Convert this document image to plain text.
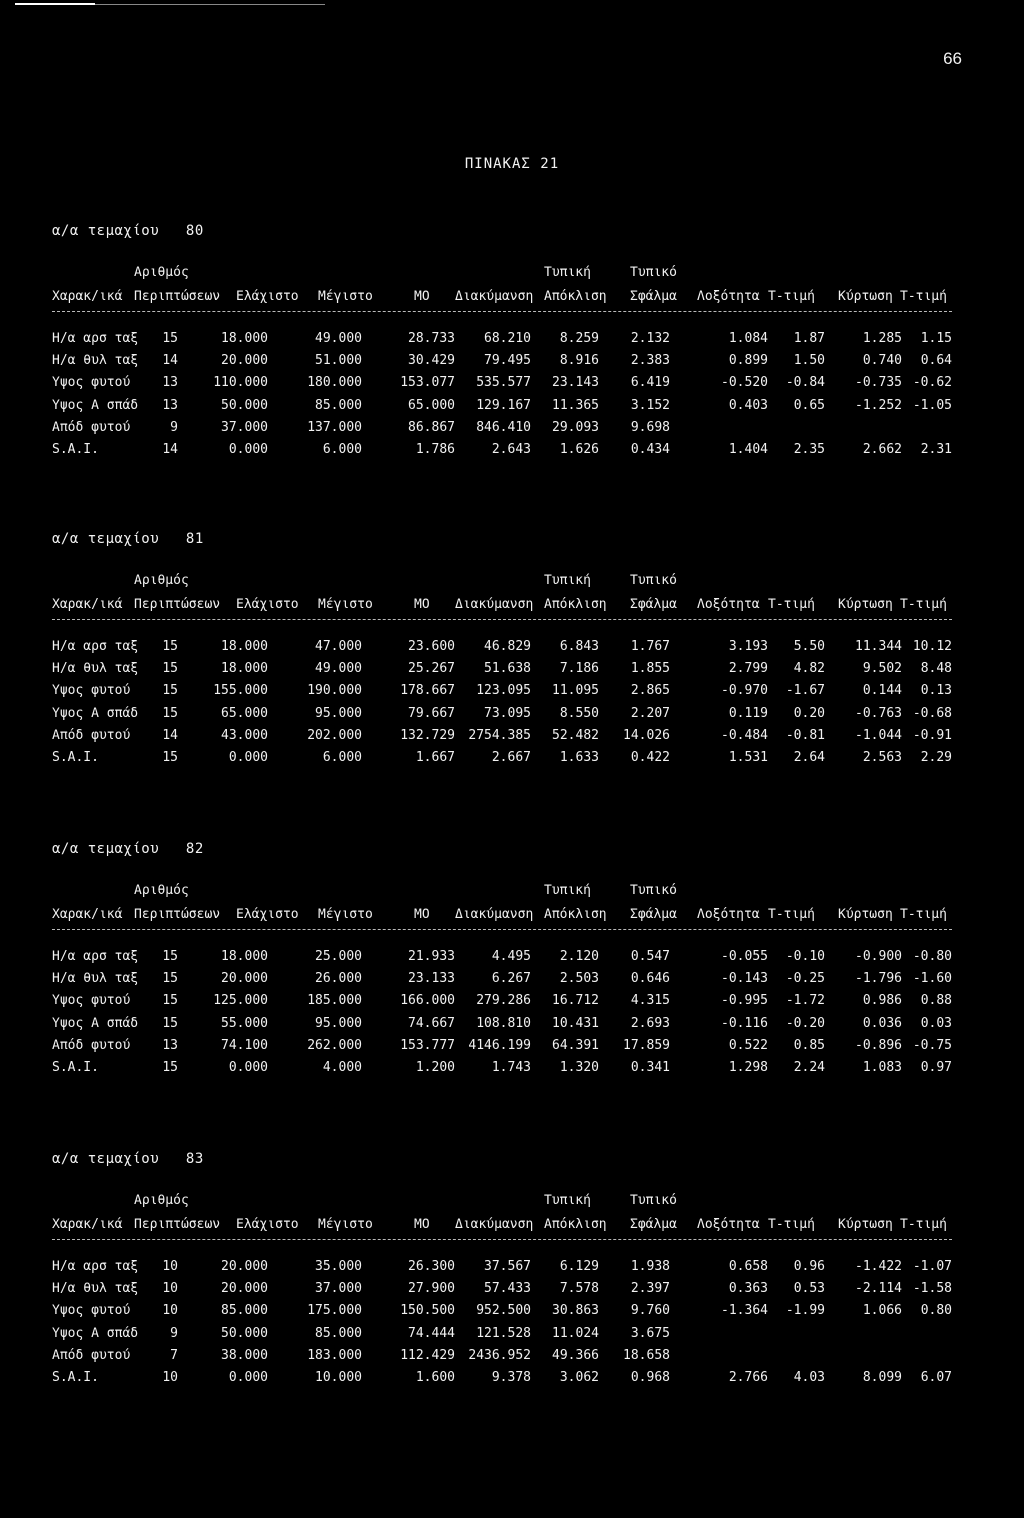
66
ΠΙΝΑΚΑΣ 21
α/α τεμαχίου   80
Αριθμός	Τυπική	Τυπικό
Χαρακ/ικά Περιπτώσεων Ελάχιστο Μέγιστο	ΜΟ Διακύμανση Απόκλιση Σφάλμα Λοξότητα Τ-τιμή Κύρτωση Τ-τιμή
Η/α αρσ ταξ 15	18.000	49.000	28.733 68.210 8.259 2.132	1.084 1.87	1.285 1.15
Η/α θυλ ταξ 14	20.000	51.000	30.429 79.495 8.916 2.383	0.899 1.50	0.740 0.64
Υψος φυτού 13	110.000	180.000	153.077 535.577 23.143 6.419	-0.520 -0.84 -0.735 -0.62
Υψος Α σπάδ 13	50.000	85.000	65.000 129.167 11.365 3.152	0.403 0.65 -1.252 -1.05
Απόδ φυτού	9	37.000	137.000	86.867 846.410 29.093 9.698
S.A.I.	14	0.000	6.000	1.786	2.643 1.626 0.434	1.404 2.35	2.662 2.31
α/α τεμαχίου   81
Αριθμός	Τυπική	Τυπικό
Χαρακ/ικά Περιπτώσεων Ελάχιστο Μέγιστο	ΜΟ Διακύμανση Απόκλιση Σφάλμα Λοξότητα Τ-τιμή Κύρτωση Τ-τιμή
Η/α αρσ ταξ 15	18.000	47.000	23.600 46.829 6.843 1.767	3.193 5.50 11.344 10.12
Η/α θυλ ταξ 15	18.000	49.000	25.267 51.638 7.186 1.855	2.799 4.82	9.502 8.48
Υψος φυτού 15	155.000	190.000	178.667 123.095 11.095 2.865	-0.970 -1.67	0.144 0.13
Υψος Α σπάδ 15	65.000	95.000	79.667 73.095 8.550 2.207	0.119 0.20 -0.763 -0.68
Απόδ φυτού 14	43.000	202.000	132.729 2754.385 52.482 14.026	-0.484 -0.81 -1.044 -0.91
S.A.I.	15	0.000	6.000	1.667	2.667 1.633 0.422	1.531 2.64	2.563 2.29
α/α τεμαχίου   82
Αριθμός	Τυπική	Τυπικό
Χαρακ/ικά Περιπτώσεων Ελάχιστο Μέγιστο	ΜΟ Διακύμανση Απόκλιση Σφάλμα Λοξότητα Τ-τιμή Κύρτωση Τ-τιμή
Η/α αρσ ταξ 15	18.000	25.000	21.933	4.495 2.120 0.547	-0.055 -0.10 -0.900 -0.80
Η/α θυλ ταξ 15	20.000	26.000	23.133	6.267 2.503 0.646	-0.143 -0.25 -1.796 -1.60
Υψος φυτού 15	125.000	185.000	166.000 279.286 16.712 4.315	-0.995 -1.72	0.986 0.88
Υψος Α σπάδ 15	55.000	95.000	74.667 108.810 10.431 2.693	-0.116 -0.20	0.036 0.03
Απόδ φυτού 13	74.100	262.000	153.777 4146.199 64.391 17.859	0.522 0.85 -0.896 -0.75
S.A.I.	15	0.000	4.000	1.200	1.743 1.320 0.341	1.298 2.24	1.083 0.97
α/α τεμαχίου   83
Αριθμός	Τυπική	Τυπικό
Χαρακ/ικά Περιπτώσεων Ελάχιστο Μέγιστο	ΜΟ Διακύμανση Απόκλιση Σφάλμα Λοξότητα Τ-τιμή Κύρτωση Τ-τιμή
Η/α αρσ ταξ 10	20.000	35.000	26.300 37.567 6.129 1.938	0.658 0.96 -1.422 -1.07
Η/α θυλ ταξ 10	20.000	37.000	27.900 57.433 7.578 2.397	0.363 0.53 -2.114 -1.58
Υψος φυτού 10	85.000	175.000	150.500 952.500 30.863 9.760	-1.364 -1.99	1.066 0.80
Υψος Α σπάδ 9	50.000	85.000	74.444 121.528 11.024 3.675
Απόδ φυτού	7	38.000	183.000	112.429 2436.952 49.366 18.658
S.A.I.	10	0.000	10.000	1.600	9.378 3.062 0.968	2.766 4.03	8.099 6.07
